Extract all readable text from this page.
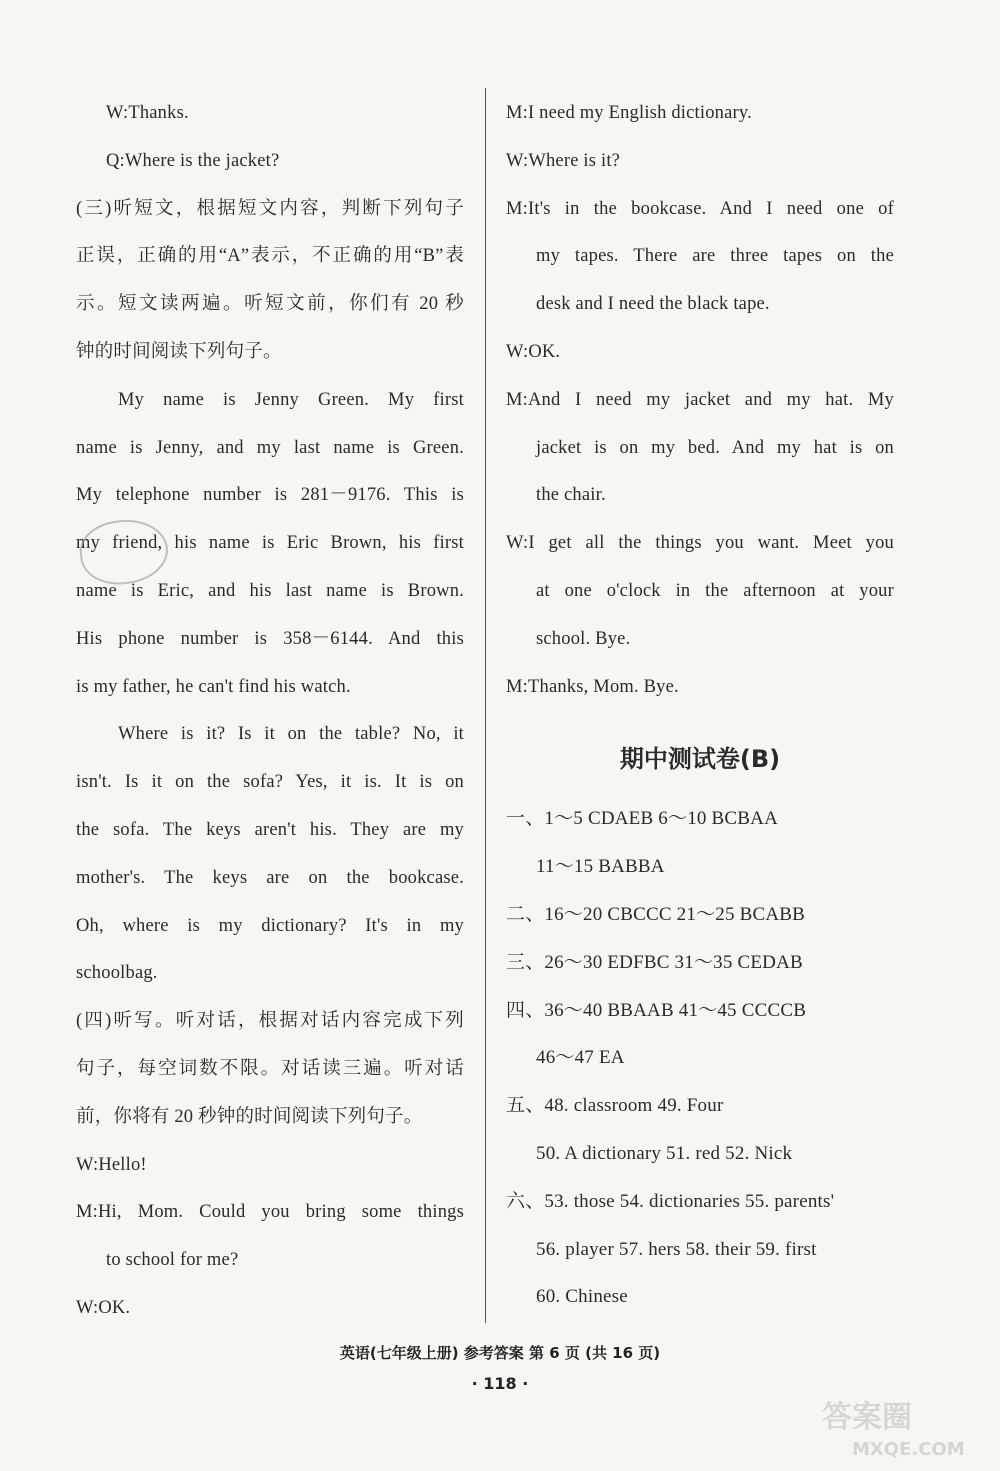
W:Thanks.
Q:Where is the jacket?
(三)听短文，根据短文内容，判断下列句子
正误，正确的用“A”表示，不正确的用“B”表
示。短文读两遍。听短文前，你们有 20 秒
钟的时间阅读下列句子。
My name is Jenny Green. My first
name is Jenny, and my last name is Green.
My telephone number is 281－9176. This is
my friend, his name is Eric Brown, his first
name is Eric, and his last name is Brown.
His phone number is 358－6144. And this
is my father, he can't find his watch.
Where is it? Is it on the table? No, it
isn't. Is it on the sofa? Yes, it is. It is on
the sofa. The keys aren't his. They are my
mother's. The keys are on the bookcase.
Oh, where is my dictionary? It's in my
schoolbag.
(四)听写。听对话，根据对话内容完成下列
句子，每空词数不限。对话读三遍。听对话
前，你将有 20 秒钟的时间阅读下列句子。
W:Hello!
M:Hi, Mom. Could you bring some things
to school for me?
W:OK.
M:I need my English dictionary.
W:Where is it?
M:It's in the bookcase. And I need one of
my tapes. There are three tapes on the
desk and I need the black tape.
W:OK.
M:And I need my jacket and my hat. My
jacket is on my bed. And my hat is on
the chair.
W:I get all the things you want. Meet you
at one o'clock in the afternoon at your
school. Bye.
M:Thanks, Mom. Bye.
期中测试卷(B)
一、1～5 CDAEB 6～10 BCBAA
11～15 BABBA
二、16～20 CBCCC 21～25 BCABB
三、26～30 EDFBC 31～35 CEDAB
四、36～40 BBAAB 41～45 CCCCB
46～47 EA
五、48. classroom 49. Four
50. A dictionary 51. red 52. Nick
六、53. those 54. dictionaries 55. parents'
56. player 57. hers 58. their 59. first
60. Chinese
英语(七年级上册) 参考答案 第 6 页 (共 16 页)
· 118 ·
答案圈
MXQE.COM
